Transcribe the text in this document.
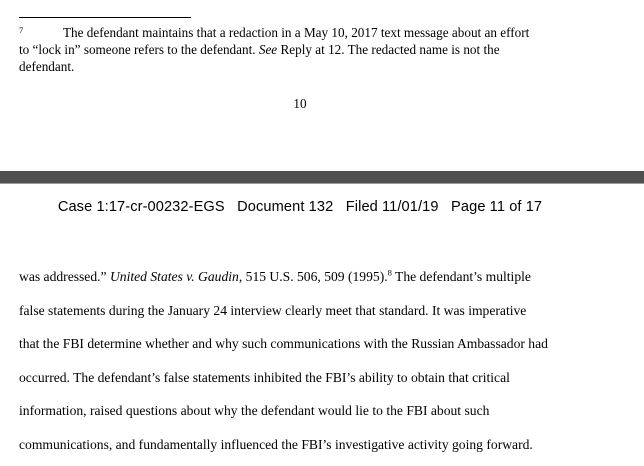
7	The defendant maintains that a redaction in a May 10, 2017 text message about an effort
to “lock in” someone refers to the defendant. See Reply at 12. The redacted name is not the
defendant.
10
Case 1:17-cr-00232-EGS Document 132 Filed 11/01/19 Page 11 of 17
was addressed.” United States v. Gaudin, 515 U.S. 506, 509 (1995).$^8$ The defendant’s multiple
false statements during the January 24 interview clearly meet that standard. It was imperative
that the FBI determine whether and why such communications with the Russian Ambassador had
occurred. The defendant’s false statements inhibited the FBI’s ability to obtain that critical
information, raised questions about why the defendant would lie to the FBI about such
communications, and fundamentally influenced the FBI’s investigative activity going forward.
